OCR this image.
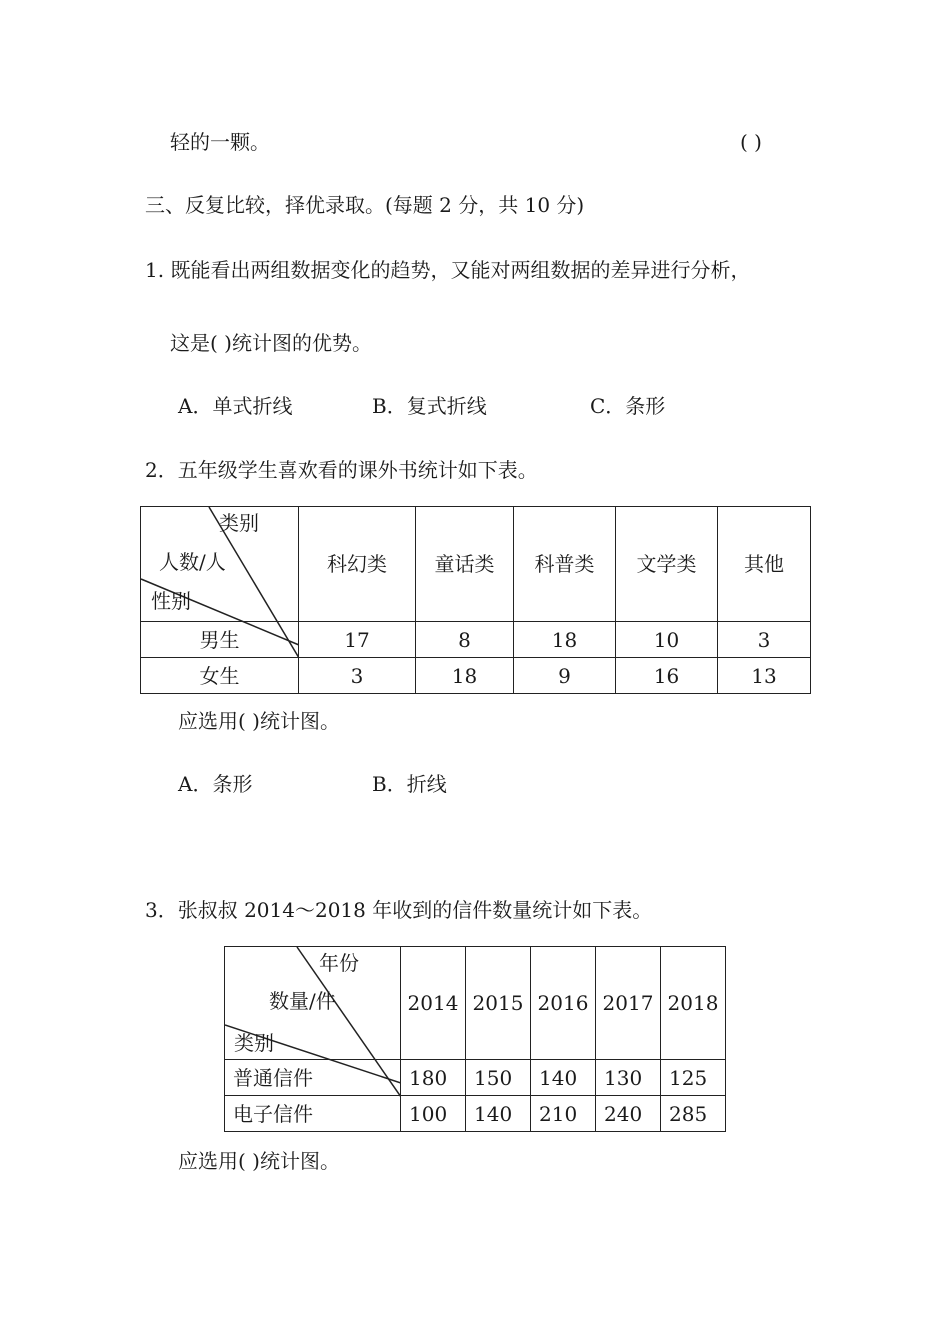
轻的一颗。	( )
三、反复比较，择优录取。(每题 2 分，共 10 分)
1. 既能看出两组数据变化的趋势，又能对两组数据的差异进行分析，
这是( )统计图的优势。
A．单式折线	B．复式折线	C．条形
2．五年级学生喜欢看的课外书统计如下表。
类别
人数/人
性别	科幻类	童话类	科普类	文学类	其他
男生	17	8	18	10	3
女生	3	18	9	16	13
应选用( )统计图。
A．条形	B．折线
3．张叔叔 2014～2018 年收到的信件数量统计如下表。
年份
数量/件
类别	2014	2015	2016	2017	2018
普通信件	180	150	140	130	125
电子信件	100	140	210	240	285
应选用( )统计图。
